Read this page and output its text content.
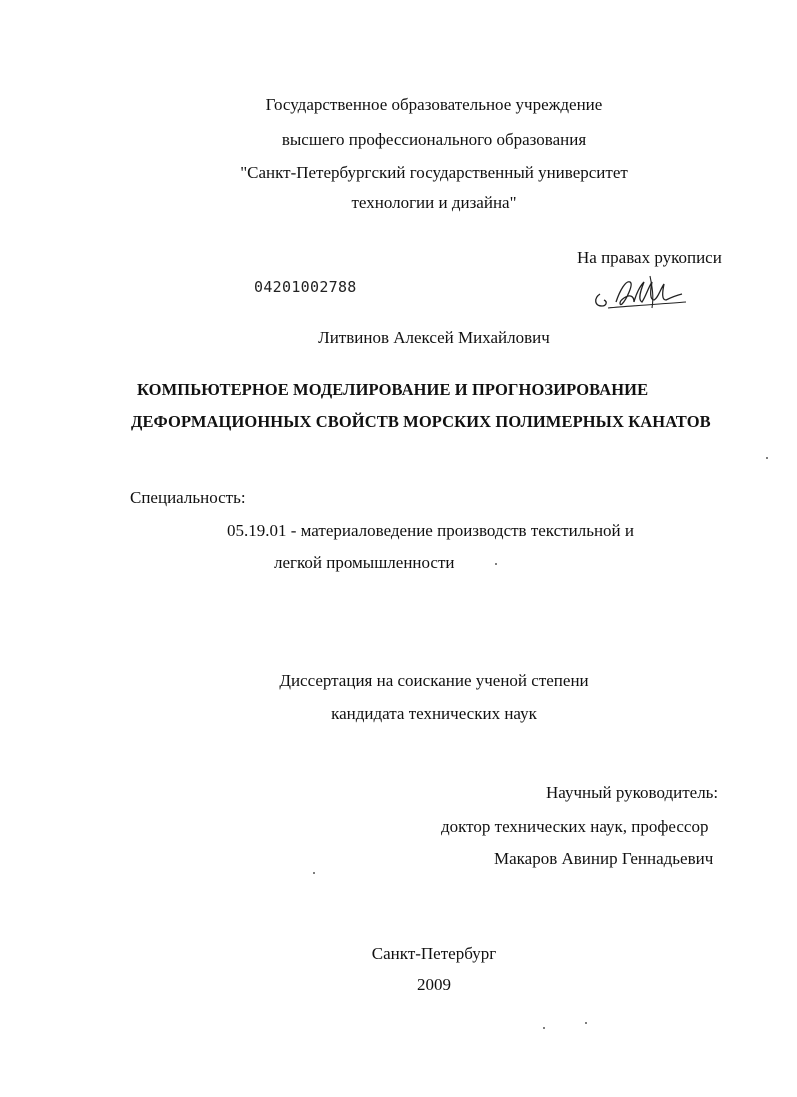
Государственное образовательное учреждение
высшего профессионального образования
"Санкт-Петербургский государственный университет
технологии и дизайна"
На правах рукописи
04201002788
Литвинов Алексей Михайлович
КОМПЬЮТЕРНОЕ МОДЕЛИРОВАНИЕ И ПРОГНОЗИРОВАНИЕ
ДЕФОРМАЦИОННЫХ СВОЙСТВ МОРСКИХ ПОЛИМЕРНЫХ КАНАТОВ
Специальность:
05.19.01 - материаловедение производств текстильной и
легкой промышленности
Диссертация на соискание ученой степени
кандидата технических наук
Научный руководитель:
доктор технических наук, профессор
Макаров Авинир Геннадьевич
Санкт-Петербург
2009
